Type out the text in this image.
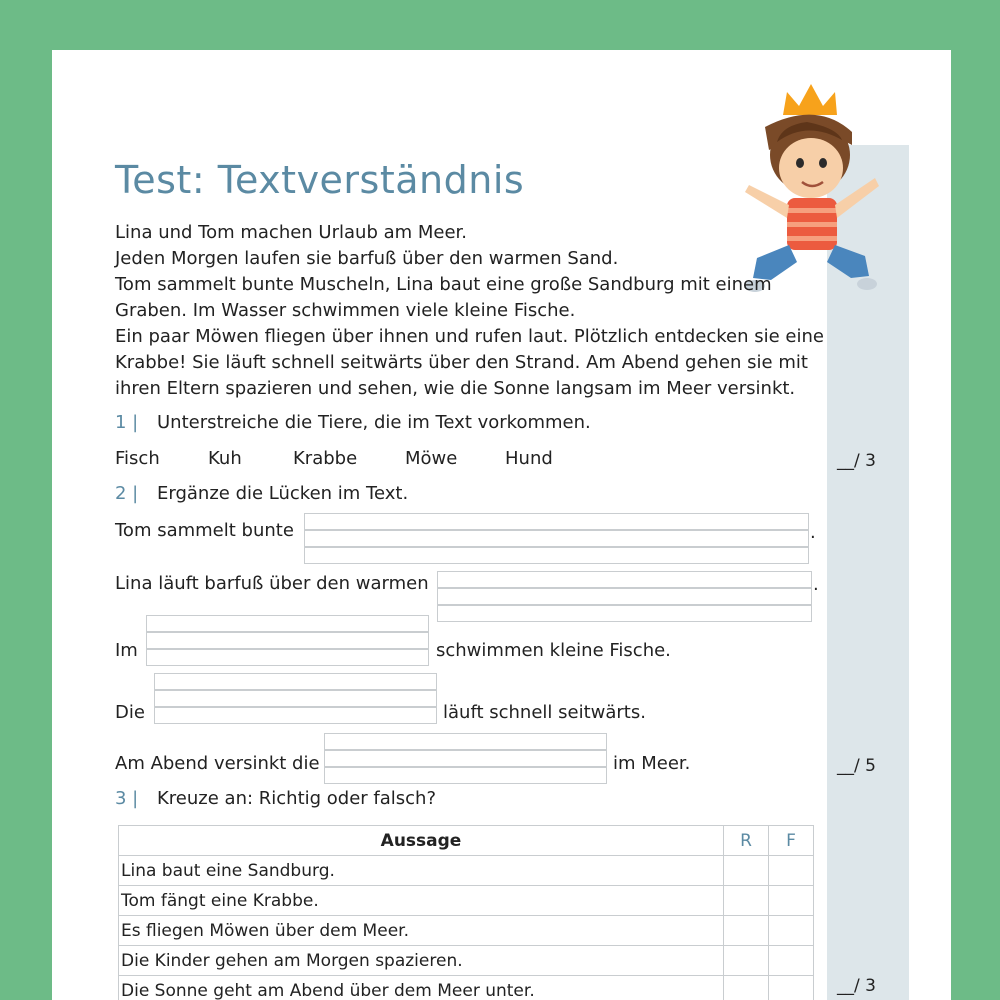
Test: Textverständnis

Lina und Tom machen Urlaub am Meer.

Jeden Morgen laufen sie barfuß über den warmen Sand.

Tom sammelt bunte Muscheln, Lina baut eine große Sandburg mit einem

Graben. Im Wasser schwimmen viele kleine Fische.

Ein paar Möwen fliegen über ihnen und rufen laut. Plötzlich entdecken sie eine

Krabbe! Sie läuft schnell seitwärts über den Strand. Am Abend gehen sie mit

ihren Eltern spazieren und sehen, wie die Sonne langsam im Meer versinkt.

1 |	Unterstreiche die Tiere, die im Text vorkommen.
Fisch	Kuh	Krabbe	Möwe	Hund	__/ 3
2 |	Ergänze die Lücken im Text.
Tom sammelt bunte	.
Lina läuft barfuß über den warmen	.
Im	schwimmen kleine Fische.
Die	läuft schnell seitwärts.
Am Abend versinkt die	im Meer.	__/ 5
3 |	Kreuze an: Richtig oder falsch?
Aussage	R	F
Lina baut eine Sandburg.		
Tom fängt eine Krabbe.		
Es fliegen Möwen über dem Meer.		
Die Kinder gehen am Morgen spazieren.		
Die Sonne geht am Abend über dem Meer unter.			__/ 3
